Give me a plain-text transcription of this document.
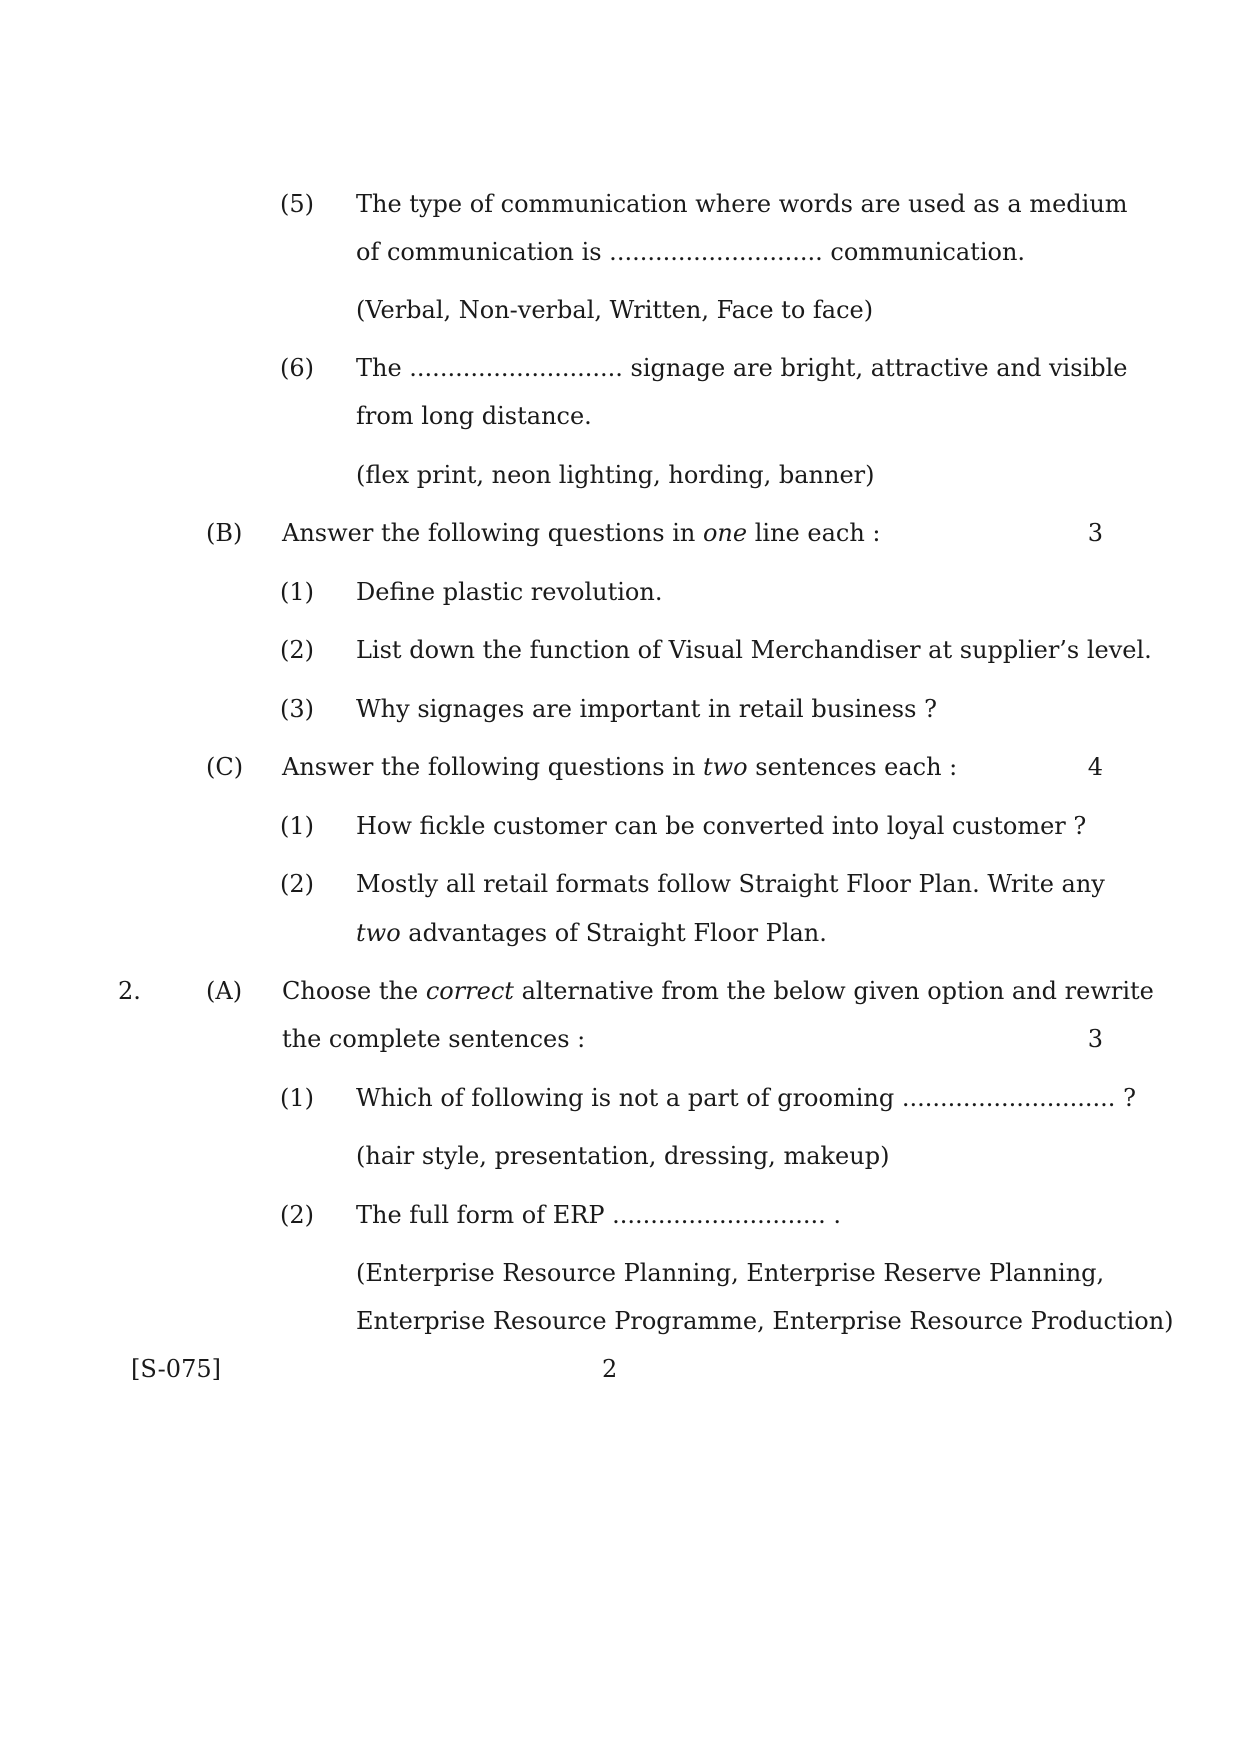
(5) The type of communication where words are used as a medium
of communication is ............................ communication.
(Verbal, Non-verbal, Written, Face to face)
(6) The ............................ signage are bright, attractive and visible
from long distance.
(flex print, neon lighting, hording, banner)
(B) Answer the following questions in one line each :	3
(1) Define plastic revolution.
(2) List down the function of Visual Merchandiser at supplier’s level.
(3) Why signages are important in retail business ?
(C) Answer the following questions in two sentences each :	4
(1) How fickle customer can be converted into loyal customer ?
(2) Mostly all retail formats follow Straight Floor Plan. Write any
two advantages of Straight Floor Plan.
2.	(A) Choose the correct alternative from the below given option and rewrite
the complete sentences :	3
(1) Which of following is not a part of grooming ............................ ?
(hair style, presentation, dressing, makeup)
(2) The full form of ERP ............................ .
(Enterprise Resource Planning, Enterprise Reserve Planning,
Enterprise Resource Programme, Enterprise Resource Production)
[S-075]	2
